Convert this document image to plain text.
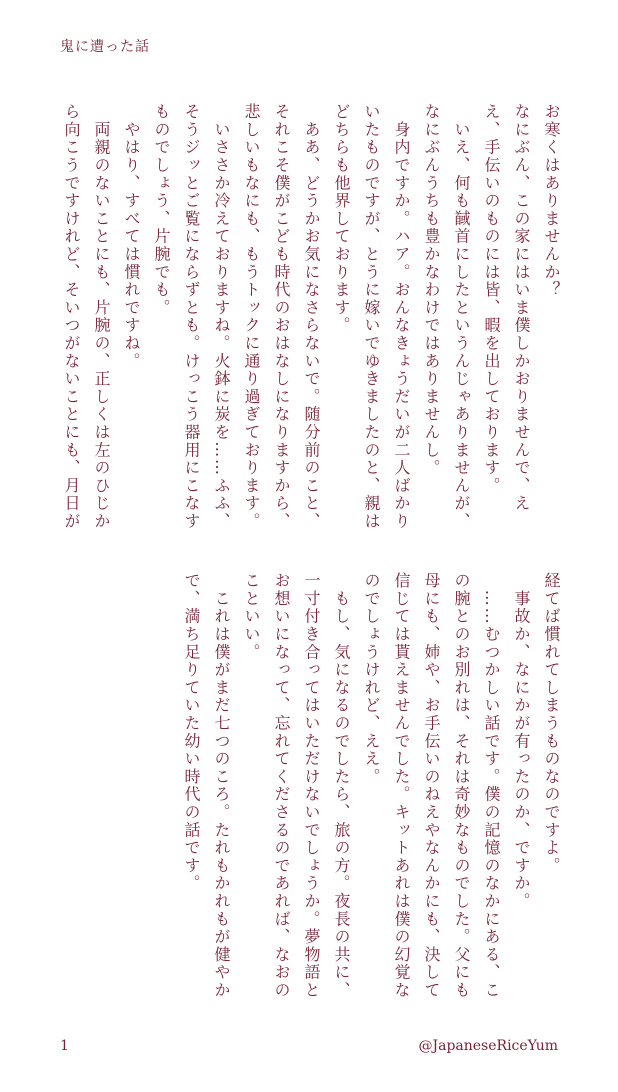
鬼に遭った話
お寒くはありませんか？
なにぶん、この家にはいま僕しかおりませんで、え
え、手伝いのものには皆、暇を出しております。
　いえ、何も馘首にしたというんじゃありませんが、
なにぶんうちも豊かなわけではありませんし。
　身内ですか。ハア。おんなきょうだいが二人ばかり
いたものですが、とうに嫁いでゆきましたのと、親は
どちらも他界しております。
　ああ、どうかお気になさらないで。随分前のこと、
それこそ僕がこども時代のおはなしになりますから、
悲しいもなにも、もうトックに通り過ぎております。
　いささか冷えておりますね。火鉢に炭を……ふふ、
そうジッとご覧にならずとも。けっこう器用にこなす
ものでしょう、片腕でも。
　やはり、すべては慣れですね。
　両親のないことにも、片腕の、正しくは左のひじか
ら向こうですけれど、そいつがないことにも、月日が
経てば慣れてしまうものなのですよ。
　事故か、なにかが有ったのか、ですか。
　……むつかしい話です。僕の記憶のなかにある、こ
の腕とのお別れは、それは奇妙なものでした。父にも
母にも、姉や、お手伝いのねえやなんかにも、決して
信じては貰えませんでした。キットあれは僕の幻覚な
のでしょうけれど、ええ。
　もし、気になるのでしたら、旅の方。夜長の共に、
一寸付き合ってはいただけないでしょうか。夢物語と
お想いになって、忘れてくださるのであれば、なおの
こといい。
　これは僕がまだ七つのころ。たれもかれもが健やか
で、満ち足りていた幼い時代の話です。
1	@JapaneseRiceYum
